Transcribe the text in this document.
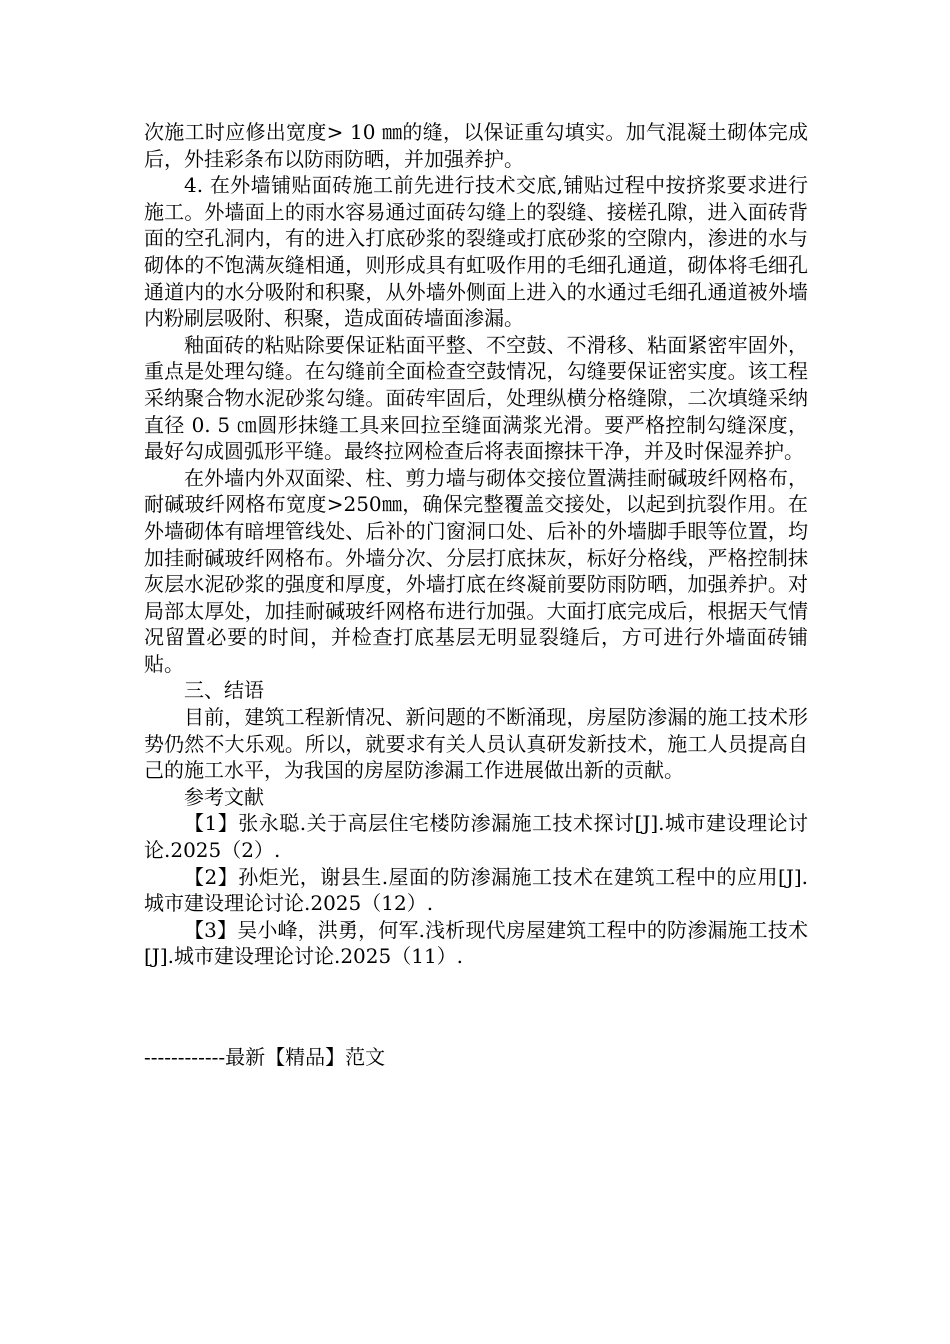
次施工时应修出宽度> 10 ㎜的缝，以保证重勾填实。加气混凝土砌体完成后，外挂彩条布以防雨防晒，并加强养护。

4. 在外墙铺贴面砖施工前先进行技术交底,铺贴过程中按挤浆要求进行施工。外墙面上的雨水容易通过面砖勾缝上的裂缝、接槎孔隙，进入面砖背面的空孔洞内，有的进入打底砂浆的裂缝或打底砂浆的空隙内，渗进的水与砌体的不饱满灰缝相通，则形成具有虹吸作用的毛细孔通道，砌体将毛细孔通道内的水分吸附和积聚，从外墙外侧面上进入的水通过毛细孔通道被外墙内粉刷层吸附、积聚，造成面砖墙面渗漏。

釉面砖的粘贴除要保证粘面平整、不空鼓、不滑移、粘面紧密牢固外，重点是处理勾缝。在勾缝前全面检查空鼓情况，勾缝要保证密实度。该工程采纳聚合物水泥砂浆勾缝。面砖牢固后，处理纵横分格缝隙，二次填缝采纳直径 0. 5 ㎝圆形抹缝工具来回拉至缝面满浆光滑。要严格控制勾缝深度，最好勾成圆弧形平缝。最终拉网检查后将表面擦抹干净，并及时保湿养护。

在外墙内外双面梁、柱、剪力墙与砌体交接位置满挂耐碱玻纤网格布，耐碱玻纤网格布宽度>250㎜，确保完整覆盖交接处，以起到抗裂作用。在外墙砌体有暗埋管线处、后补的门窗洞口处、后补的外墙脚手眼等位置，均加挂耐碱玻纤网格布。外墙分次、分层打底抹灰，标好分格线，严格控制抹灰层水泥砂浆的强度和厚度，外墙打底在终凝前要防雨防晒，加强养护。对局部太厚处，加挂耐碱玻纤网格布进行加强。大面打底完成后，根据天气情况留置必要的时间，并检查打底基层无明显裂缝后，方可进行外墙面砖铺贴。

三、结语

目前，建筑工程新情况、新问题的不断涌现，房屋防渗漏的施工技术形势仍然不大乐观。所以，就要求有关人员认真研发新技术，施工人员提高自己的施工水平，为我国的房屋防渗漏工作进展做出新的贡献。

参考文献

【1】张永聪.关于高层住宅楼防渗漏施工技术探讨[J].城市建设理论讨论.2025（2）.

【2】孙炬光，谢县生.屋面的防渗漏施工技术在建筑工程中的应用[J].城市建设理论讨论.2025（12）.

【3】吴小峰，洪勇，何军.浅析现代房屋建筑工程中的防渗漏施工技术[J].城市建设理论讨论.2025（11）.

------------最新【精品】范文
